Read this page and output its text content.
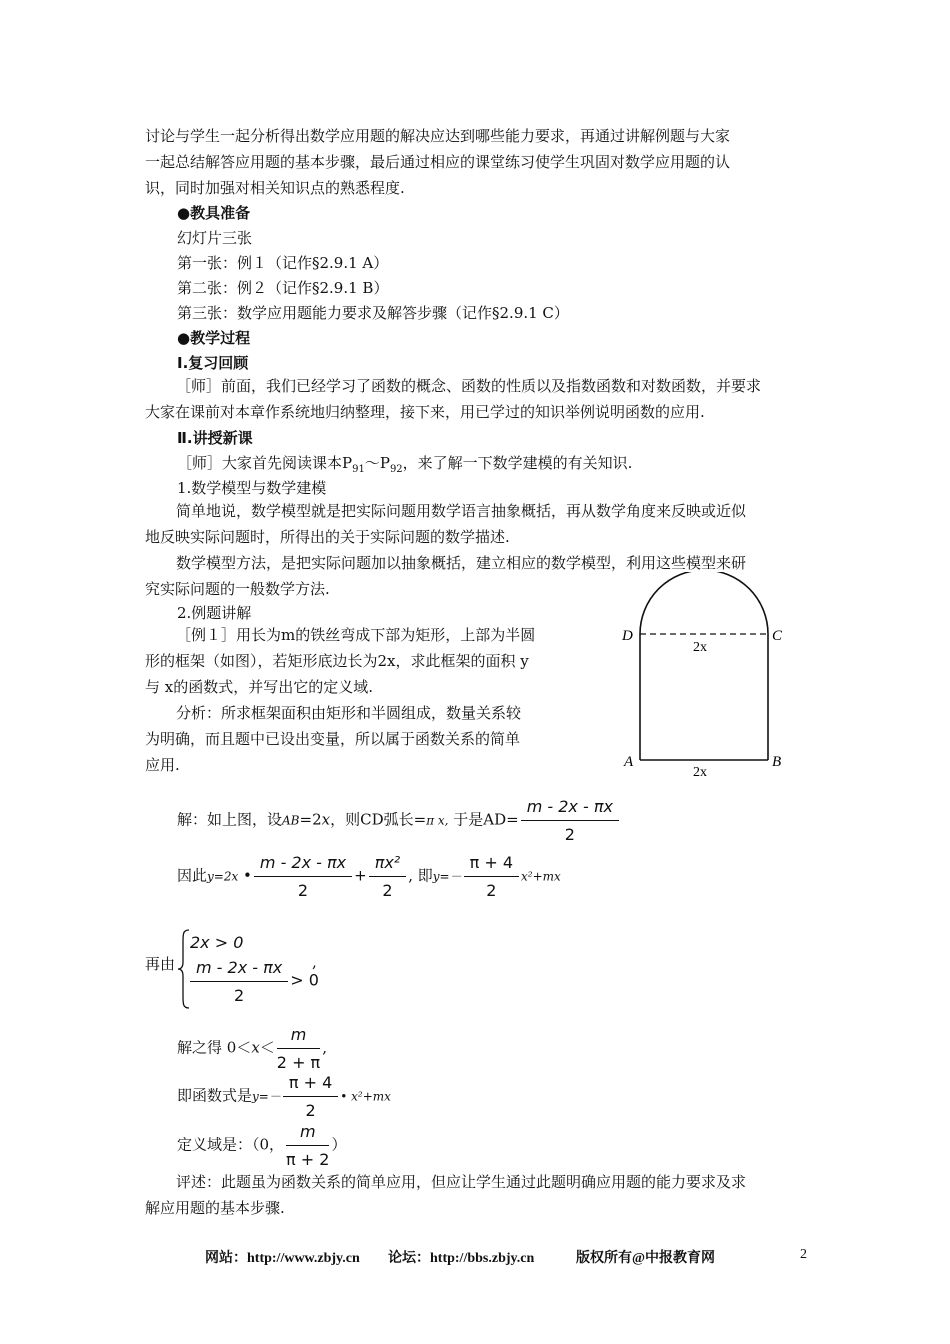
讨论与学生一起分析得出数学应用题的解决应达到哪些能力要求，再通过讲解例题与大家
一起总结解答应用题的基本步骤，最后通过相应的课堂练习使学生巩固对数学应用题的认
识，同时加强对相关知识点的熟悉程度.
●教具准备
幻灯片三张
第一张：例１（记作§2.9.1 A）
第二张：例２（记作§2.9.1 B）
第三张：数学应用题能力要求及解答步骤（记作§2.9.1 C）
●教学过程
Ⅰ.复习回顾
［师］前面，我们已经学习了函数的概念、函数的性质以及指数函数和对数函数，并要求
大家在课前对本章作系统地归纳整理，接下来，用已学过的知识举例说明函数的应用.
Ⅱ.讲授新课
［师］大家首先阅读课本$P_{91}\sim P_{92}$，来了解一下数学建模的有关知识.
1.数学模型与数学建模
简单地说，数学模型就是把实际问题用数学语言抽象概括，再从数学角度来反映或近似
地反映实际问题时，所得出的关于实际问题的数学描述.
数学模型方法，是把实际问题加以抽象概括，建立相应的数学模型，利用这些模型来研
究实际问题的一般数学方法.
2.例题讲解
［例１］用长为m的铁丝弯成下部为矩形，上部为半圆
形的框架（如图），若矩形底边长为2x，求此框架的面积 y
与 x的函数式，并写出它的定义域.
分析：所求框架面积由矩形和半圆组成，数量关系较
为明确，而且题中已设出变量，所以属于函数关系的简单
应用.
D	C
2x
A	B
2x
解：如上图，设AB=2x，则CD弧长=π x, 于是$AD= \frac{m - 2x - \pi x}{2}$
因此y=2x • $\frac{m - 2x - \pi x}{2} + \frac{\text{πx²}}{2}$ , 即$y=- \frac{\pi + 4}{2} x^2+mx$
再由
2x > 0
$\frac{m - 2x - \pi x}{2} > 0$
,
解之得 $0<x< \frac{m}{2 + \pi}$ ,
即函数式是$y=- \frac{\pi + 4}{2}$ • x²+mx
定义域是：（0， $\frac{m}{\pi + 2}$ ）
评述：此题虽为函数关系的简单应用，但应让学生通过此题明确应用题的能力要求及求
解应用题的基本步骤.
网站：http://www.zbjy.cn 论坛：http://bbs.zbjy.cn	版权所有@中报教育网	2
